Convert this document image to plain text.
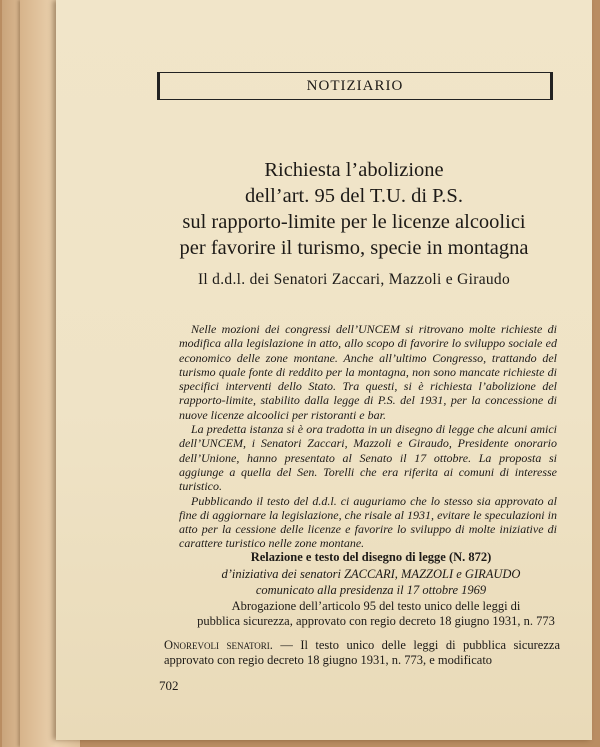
NOTIZIARIO
Richiesta l’abolizione
dell’art. 95 del T.U. di P.S.
sul rapporto-limite per le licenze alcoolici
per favorire il turismo, specie in montagna
Il d.d.l. dei Senatori Zaccari, Mazzoli e Giraudo

Nelle mozioni dei congressi dell’UNCEM si ritrovano molte richieste di modifica alla legislazione in atto, allo scopo di favorire lo sviluppo sociale ed economico delle zone montane. Anche all’ultimo Congresso, trattando del turismo quale fonte di reddito per la montagna, non sono mancate richieste di specifici interventi dello Stato. Tra questi, si è richiesta l’abolizione del rapporto-limite, stabilito dalla legge di P.S. del 1931, per la concessione di nuove licenze alcoolici per ristoranti e bar.

La predetta istanza si è ora tradotta in un disegno di legge che alcuni amici dell’UNCEM, i Senatori Zaccari, Mazzoli e Giraudo, Presidente onorario dell’Unione, hanno presentato al Senato il 17 ottobre. La proposta si aggiunge a quella del Sen. Torelli che era riferita ai comuni di interesse turistico.

Pubblicando il testo del d.d.l. ci auguriamo che lo stesso sia approvato al fine di aggiornare la legislazione, che risale al 1931, evitare le speculazioni in atto per la cessione delle licenze e favorire lo sviluppo di molte iniziative di carattere turistico nelle zone montane.

Relazione e testo del disegno di legge (N. 872)
d’iniziativa dei senatori ZACCARI, MAZZOLI e GIRAUDO
comunicato alla presidenza il 17 ottobre 1969
Abrogazione dell’articolo 95 del testo unico delle leggi di
pubblica sicurezza, approvato con regio decreto 18 giugno 1931, n. 773
Onorevoli senatori. — Il testo unico delle leggi di pubblica sicurezza approvato con regio decreto 18 giugno 1931, n. 773, e modificato
702
